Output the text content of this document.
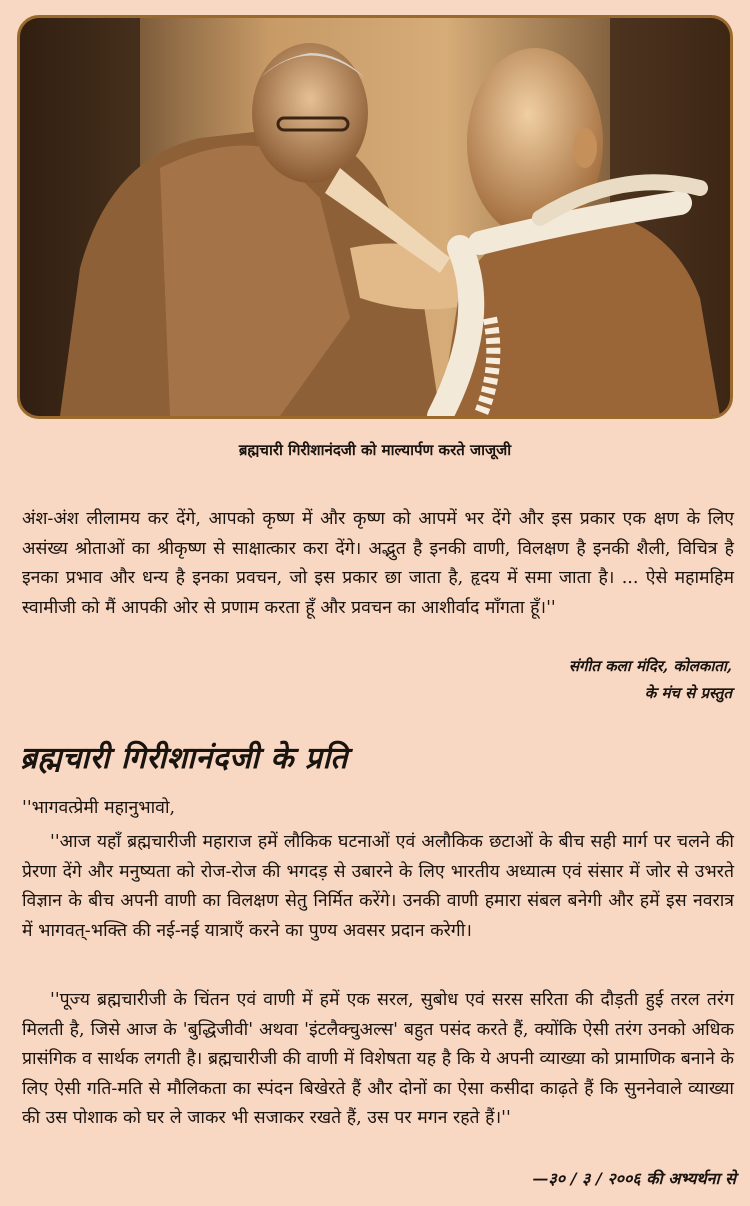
ब्रह्मचारी गिरीशानंदजी को माल्यार्पण करते जाजूजी

अंश-अंश लीलामय कर देंगे, आपको कृष्ण में और कृष्ण को आपमें भर देंगे और इस प्रकार एक क्षण के लिए असंख्य श्रोताओं का श्रीकृष्ण से साक्षात्कार करा देंगे। अद्भुत है इनकी वाणी, विलक्षण है इनकी शैली, विचित्र है इनका प्रभाव और धन्य है इनका प्रवचन, जो इस प्रकार छा जाता है, हृदय में समा जाता है। ... ऐसे महामहिम स्वामीजी को मैं आपकी ओर से प्रणाम करता हूँ और प्रवचन का आशीर्वाद माँगता हूँ।''

संगीत कला मंदिर, कोलकाता,
के मंच से प्रस्तुत
ब्रह्मचारी गिरीशानंदजी के प्रति
''भागवत्प्रेमी महानुभावो,

''आज यहाँ ब्रह्मचारीजी महाराज हमें लौकिक घटनाओं एवं अलौकिक छटाओं के बीच सही मार्ग पर चलने की प्रेरणा देंगे और मनुष्यता को रोज-रोज की भगदड़ से उबारने के लिए भारतीय अध्यात्म एवं संसार में जोर से उभरते विज्ञान के बीच अपनी वाणी का विलक्षण सेतु निर्मित करेंगे। उनकी वाणी हमारा संबल बनेगी और हमें इस नवरात्र में भागवत्-भक्ति की नई-नई यात्राएँ करने का पुण्य अवसर प्रदान करेगी।

''पूज्य ब्रह्मचारीजी के चिंतन एवं वाणी में हमें एक सरल, सुबोध एवं सरस सरिता की दौड़ती हुई तरल तरंग मिलती है, जिसे आज के 'बुद्धिजीवी' अथवा 'इंटलैक्चुअल्स' बहुत पसंद करते हैं, क्योंकि ऐसी तरंग उनको अधिक प्रासंगिक व सार्थक लगती है। ब्रह्मचारीजी की वाणी में विशेषता यह है कि ये अपनी व्याख्या को प्रामाणिक बनाने के लिए ऐसी गति-मति से मौलिकता का स्पंदन बिखेरते हैं और दोनों का ऐसा कसीदा काढ़ते हैं कि सुननेवाले व्याख्या की उस पोशाक को घर ले जाकर भी सजाकर रखते हैं, उस पर मगन रहते हैं।''

—३० / ३ / २००६ की अभ्यर्थना से
